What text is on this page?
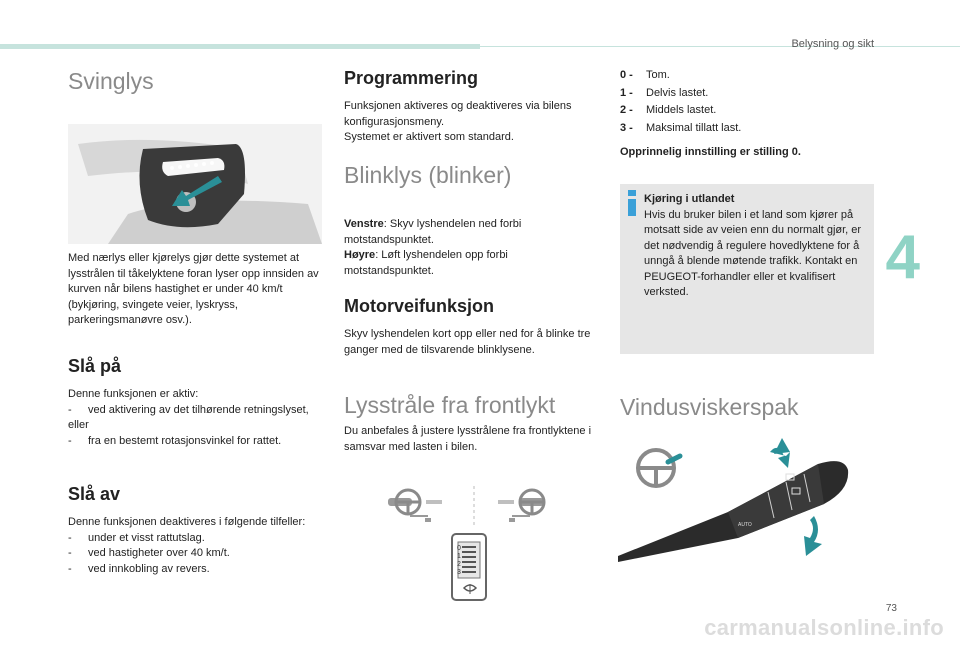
Belysning og sikt
Svinglys

Med nærlys eller kjørelys gjør dette systemet at lysstrålen til tåkelyktene foran lyser opp innsiden av kurven når bilens hastighet er under 40 km/t (bykjøring, svingete veier, lyskryss, parkeringsmanøvre osv.).

Slå på

Denne funksjonen er aktiv:

-	ved aktivering av det tilhørende retningslyset,

eller

-	fra en bestemt rotasjonsvinkel for rattet.
Slå av

Denne funksjonen deaktiveres i følgende tilfeller:

-	under et visst rattutslag.
-	ved hastigheter over 40 km/t.
-	ved innkobling av revers.
Programmering

Funksjonen aktiveres og deaktiveres via bilens konfigurasjonsmeny.

Systemet er aktivert som standard.

Blinklys (blinker)

Venstre: Skyv lyshendelen ned forbi motstandspunktet.

Høyre: Løft lyshendelen opp forbi motstandspunktet.

Motorveifunksjon

Skyv lyshendelen kort opp eller ned for å blinke tre ganger med de tilsvarende blinklysene.

Lysstråle fra frontlykt

Du anbefales å justere lysstrålene fra frontlyktene i samsvar med lasten i bilen.

0
1
2
3
0 -	Tom.
1 -	Delvis lastet.
2 -	Middels lastet.
3 -	Maksimal tillatt last.

Opprinnelig innstilling er stilling 0.

Kjøring i utlandet
Hvis du bruker bilen i et land som kjører på motsatt side av veien enn du normalt gjør, er det nødvendig å regulere hovedlyktene for å unngå å blende møtende trafikk. Kontakt en PEUGEOT-forhandler eller et kvalifisert verksted.
Vindusviskerspak
AUTO
4
73
carmanualsonline.info
